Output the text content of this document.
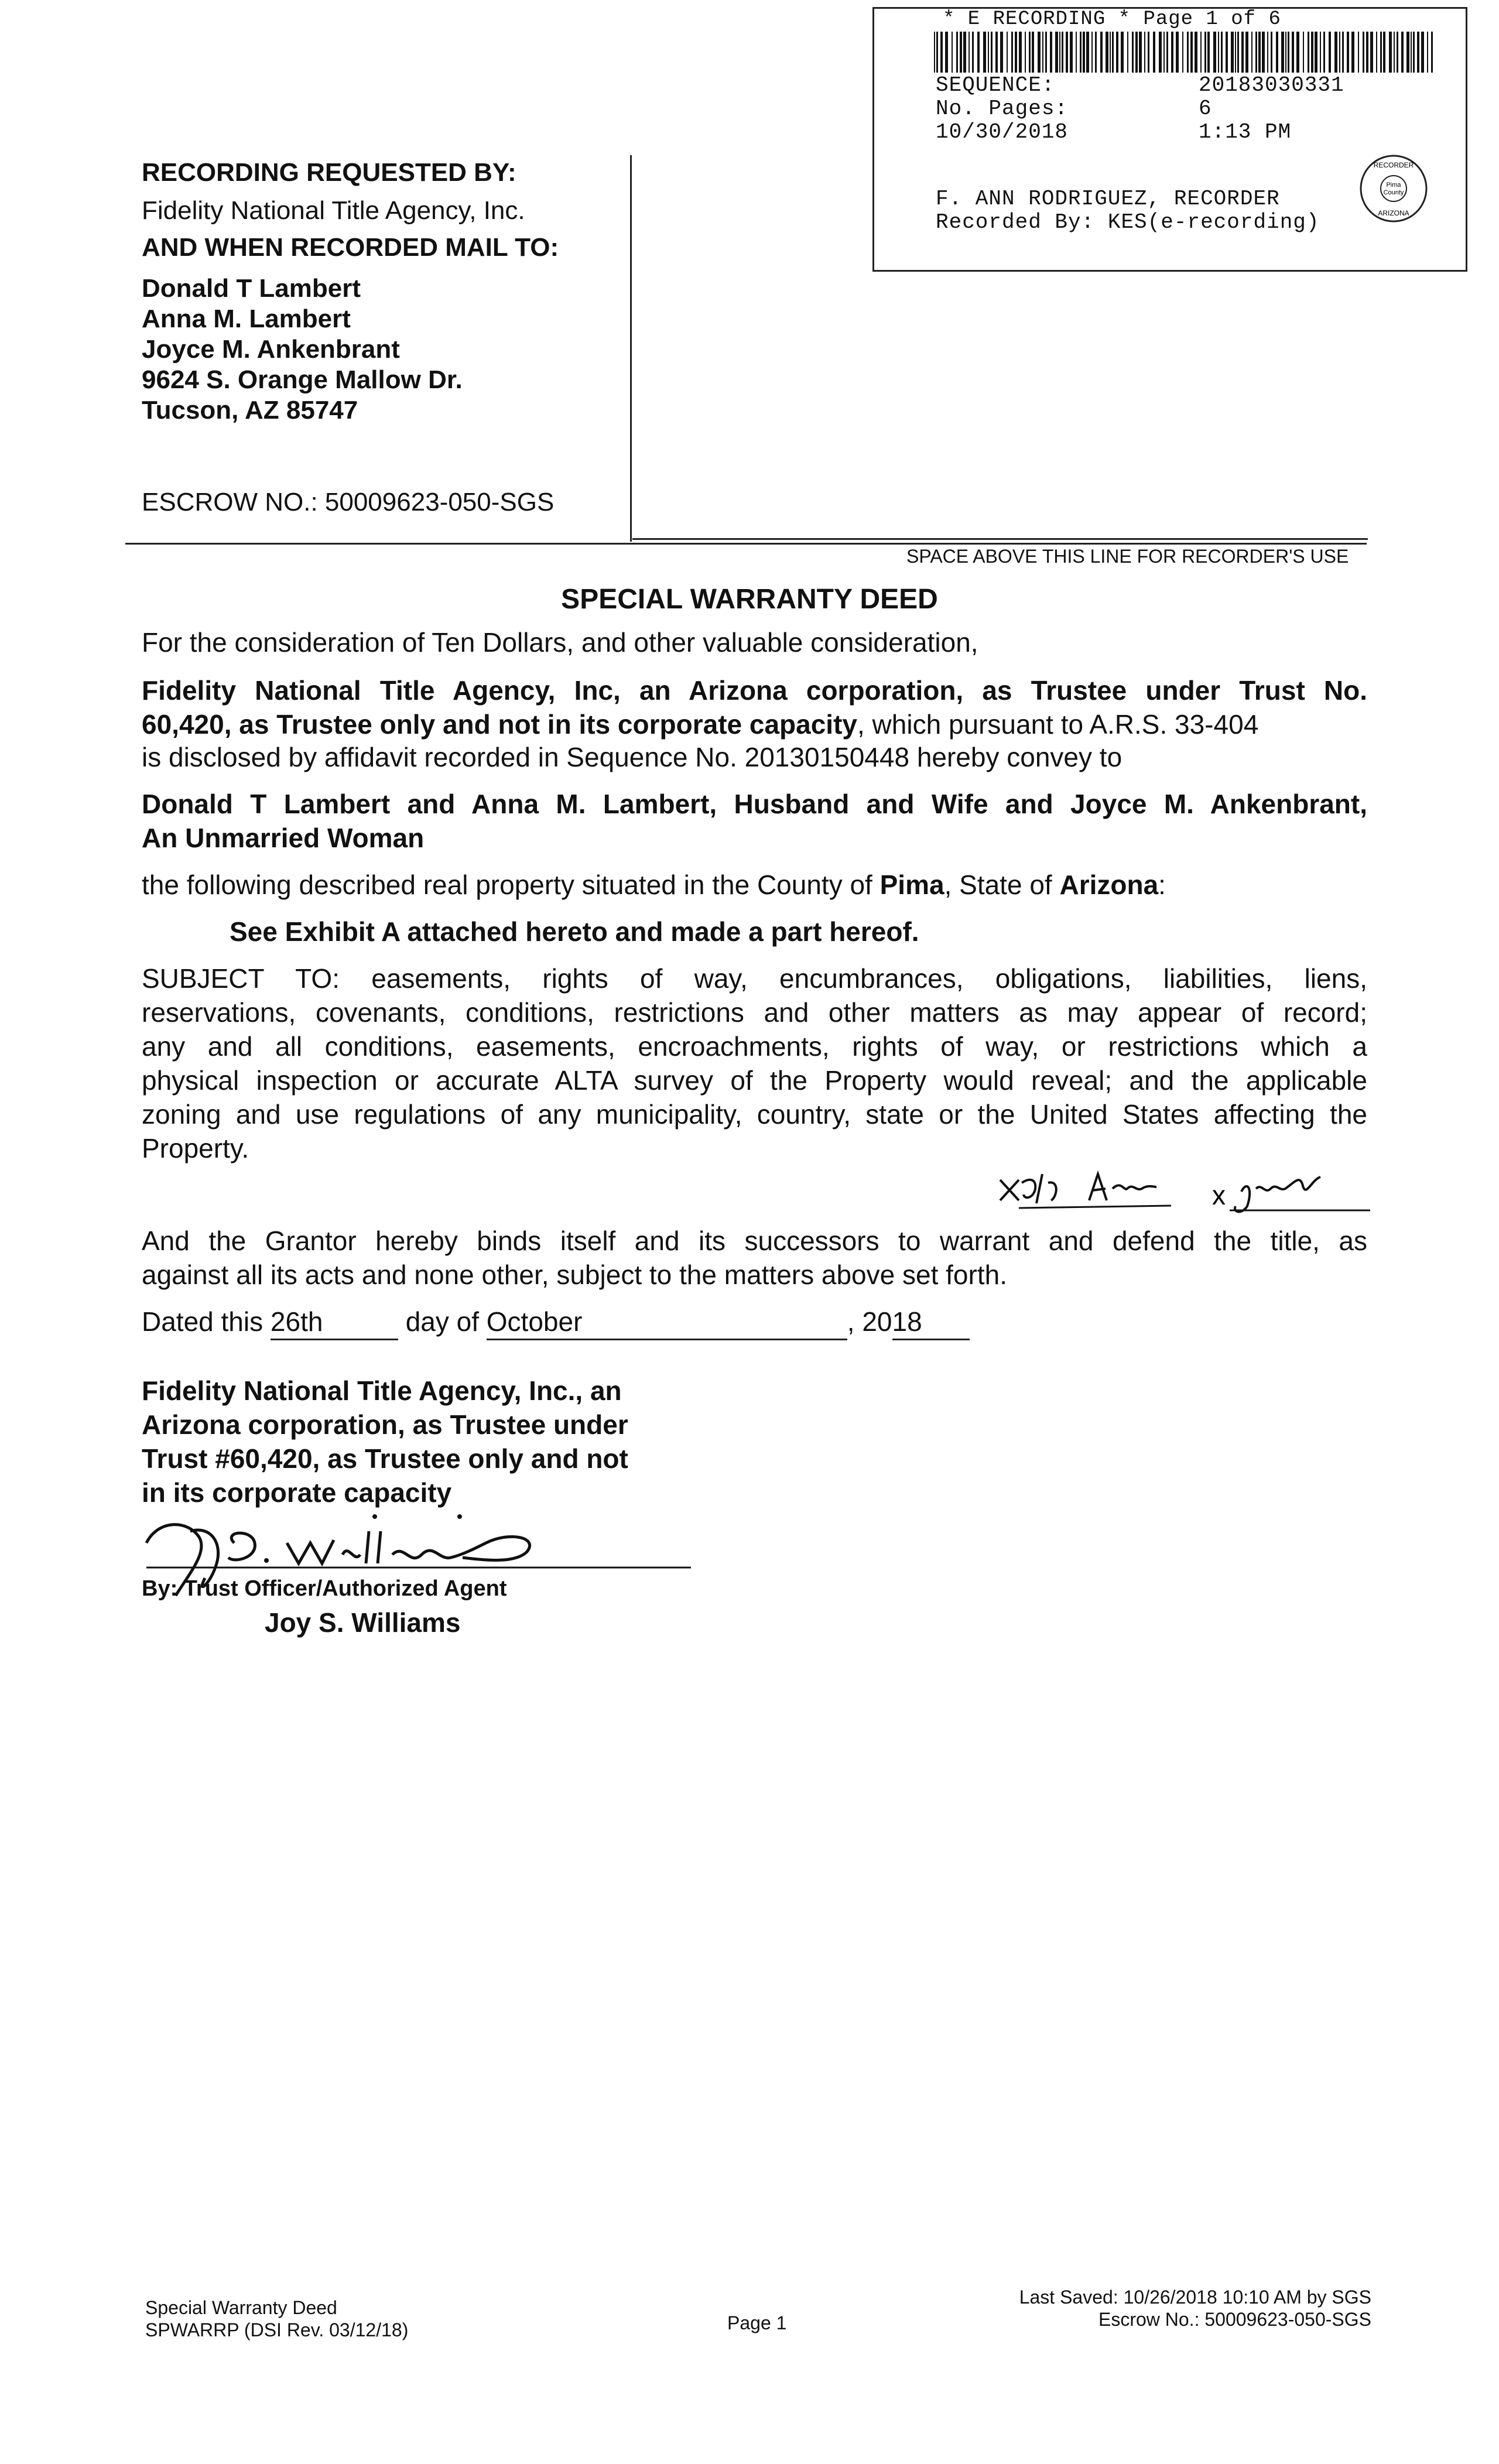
* E RECORDING * Page 1 of 6
SEQUENCE:	20183030331
No. Pages:	6
10/30/2018	1:13 PM
F. ANN RODRIGUEZ, RECORDER
Recorded By: KES(e-recording)
Pima
County
RECORDER
ARIZONA
RECORDING REQUESTED BY:
Fidelity National Title Agency, Inc.
AND WHEN RECORDED MAIL TO:
Donald T Lambert
Anna M. Lambert
Joyce M. Ankenbrant
9624 S. Orange Mallow Dr.
Tucson, AZ 85747
ESCROW NO.: 50009623-050-SGS
SPACE ABOVE THIS LINE FOR RECORDER'S USE
SPECIAL WARRANTY DEED
For the consideration of Ten Dollars, and other valuable consideration,
Fidelity National Title Agency, Inc, an Arizona corporation, as Trustee under Trust No.
60,420, as Trustee only and not in its corporate capacity, which pursuant to A.R.S. 33-404
is disclosed by affidavit recorded in Sequence No. 20130150448 hereby convey to
Donald T Lambert and Anna M. Lambert, Husband and Wife and Joyce M. Ankenbrant,
An Unmarried Woman
the following described real property situated in the County of Pima, State of Arizona:
See Exhibit A attached hereto and made a part hereof.
SUBJECT TO: easements, rights of way, encumbrances, obligations, liabilities, liens,
reservations, covenants, conditions, restrictions and other matters as may appear of record;
any and all conditions, easements, encroachments, rights of way, or restrictions which a
physical inspection or accurate ALTA survey of the Property would reveal; and the applicable
zoning and use regulations of any municipality, country, state or the United States affecting the
Property.
x
And the Grantor hereby binds itself and its successors to warrant and defend the title, as
against all its acts and none other, subject to the matters above set forth.
Dated this 26th	day of October	, 2018
Fidelity National Title Agency, Inc., an
Arizona corporation, as Trustee under
Trust #60,420, as Trustee only and not
in its corporate capacity
By: Trust Officer/Authorized Agent
Joy S. Williams
Special Warranty Deed
SPWARRP (DSI Rev. 03/12/18)	Page 1
Last Saved: 10/26/2018 10:10 AM by SGS
Escrow No.: 50009623-050-SGS
